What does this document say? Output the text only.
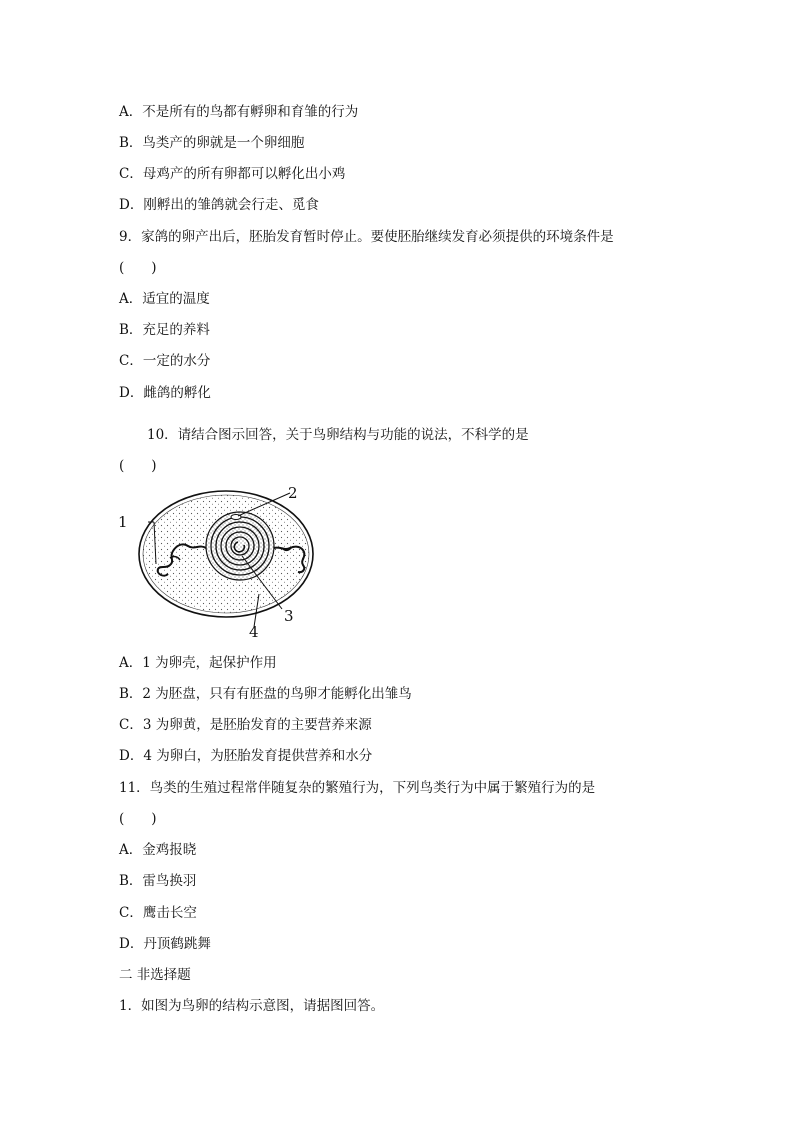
A．不是所有的鸟都有孵卵和育雏的行为
B．鸟类产的卵就是一个卵细胞
C．母鸡产的所有卵都可以孵化出小鸡
D．刚孵出的雏鸽就会行走、觅食
9．家鸽的卵产出后，胚胎发育暂时停止。要使胚胎继续发育必须提供的环境条件是
(　　)
A．适宜的温度
B．充足的养料
C．一定的水分
D．雌鸽的孵化
10．请结合图示回答，关于鸟卵结构与功能的说法，不科学的是
(　　)
1
2
3
4
A．1 为卵壳，起保护作用
B．2 为胚盘，只有有胚盘的鸟卵才能孵化出雏鸟
C．3 为卵黄，是胚胎发育的主要营养来源
D．4 为卵白，为胚胎发育提供营养和水分
11．鸟类的生殖过程常伴随复杂的繁殖行为，下列鸟类行为中属于繁殖行为的是
(　　)
A．金鸡报晓
B．雷鸟换羽
C．鹰击长空
D．丹顶鹤跳舞
二 非选择题
1．如图为鸟卵的结构示意图，请据图回答。
